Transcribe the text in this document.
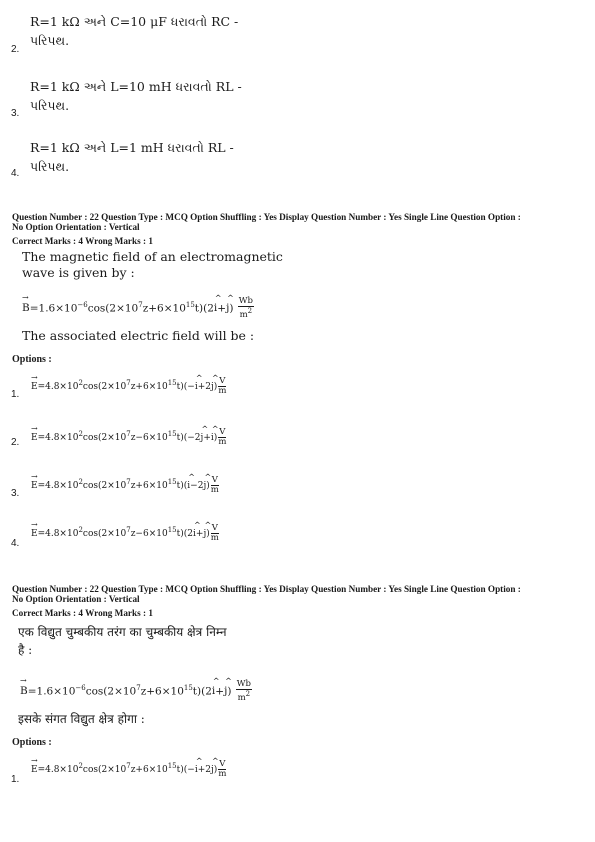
R=1 kΩ અને C=10 μF ધરાવતો RC -
પરિપથ.
2.
R=1 kΩ અને L=10 mH ધરાવતો RL -
પરિપથ.
3.
R=1 kΩ અને L=1 mH ધરાવતો RL -
પરિપથ.
4.
Question Number : 22 Question Type : MCQ Option Shuffling : Yes Display Question Number : Yes Single Line Question Option :
No Option Orientation : Vertical
Correct Marks : 4 Wrong Marks : 1
The magnetic field of an electromagnetic
wave is given by :
→ $B=1.6\times 10^{-6}\cos(2\times 10^7z+6\times 10^{15}t)(2\^{}$ i+^ $j) \frac{Wb}{m^2}$
The associated electric field will be :
Options :
→ $E=4.8\times 10^2\cos(2\times 10^7z+6\times 10^{15}t)(-\^{}$ i+2^ $j) \frac{V}{m}$
1.
→ $E=4.8\times 10^2\cos(2\times 10^7z-6\times 10^{15}t)(-2\^{}$ j+^ $i) \frac{V}{m}$
2.
→ $E=4.8\times 10^2\cos(2\times 10^7z+6\times 10^{15}t)(\^{}$ i−2^ $j) \frac{V}{m}$
3.
→ $E=4.8\times 10^2\cos(2\times 10^7z-6\times 10^{15}t)(2\^{}$ i+^ $j) \frac{V}{m}$
4.
Question Number : 22 Question Type : MCQ Option Shuffling : Yes Display Question Number : Yes Single Line Question Option :
No Option Orientation : Vertical
Correct Marks : 4 Wrong Marks : 1
एक विद्युत चुम्बकीय तरंग का चुम्बकीय क्षेत्र निम्न
है :
→ $B=1.6\times 10^{-6}\cos(2\times 10^7z+6\times 10^{15}t)(2\^{}$ i+^ $j) \frac{Wb}{m^2}$
इसके संगत विद्युत क्षेत्र होगा :
Options :
→ $E=4.8\times 10^2\cos(2\times 10^7z+6\times 10^{15}t)(-\^{}$ i+2^ $j) \frac{V}{m}$
1.
